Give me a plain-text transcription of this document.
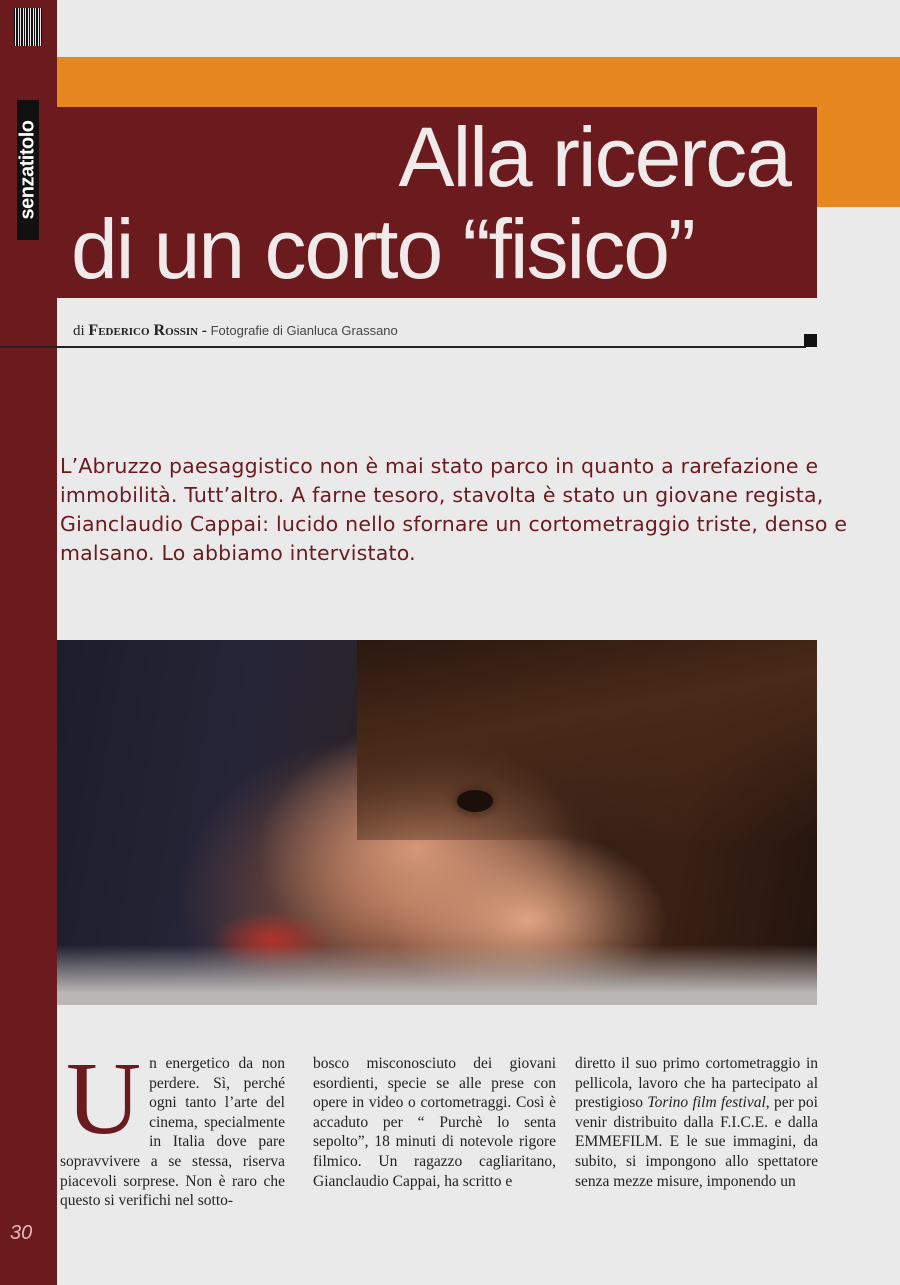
senzatitolo	Alla ricerca
di un corto “fisico”
di Federico Rossin - Fotografie di Gianluca Grassano
L’Abruzzo paesaggistico non è mai stato parco in quanto a rarefazione e immobilità. Tutt’altro. A farne tesoro, stavolta è stato un giovane regista, Gianclaudio Cappai: lucido nello sfornare un cortometraggio triste, denso e malsano. Lo abbiamo intervistato.
U n energetico da non perdere. Sì, perché ogni tanto l’arte del cinema, specialmente in Italia dove pare sopravvivere a se stessa, riserva piacevoli sorprese. Non è raro che questo si verifichi nel sotto-

bosco misconosciuto dei giovani esordienti, specie se alle prese con opere in video o cortometraggi. Così è accaduto per “ Purchè lo senta sepolto”, 18 minuti di notevole rigore filmico. Un ragazzo cagliaritano, Gianclaudio Cappai, ha scritto e

diretto il suo primo cortometraggio in pellicola, lavoro che ha partecipato al prestigioso Torino film festival, per poi venir distribuito dalla F.I.C.E. e dalla EMMEFILM. E le sue immagini, da subito, si impongono allo spettatore senza mezze misure, imponendo un

30
